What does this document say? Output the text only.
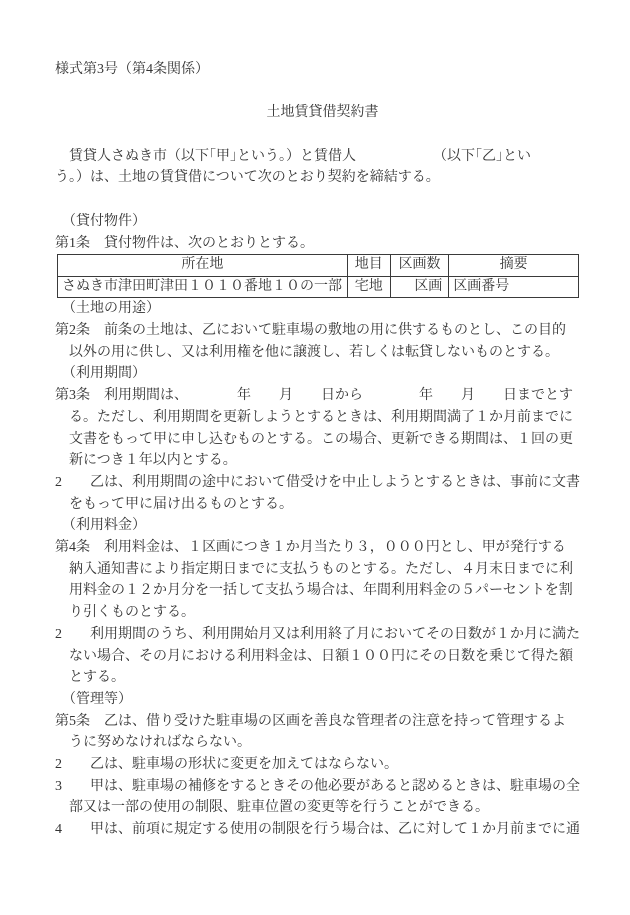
様式第3号（第4条関係）
土地賃貸借契約書
　賃貸人さぬき市（以下｢甲｣という。）と賃借人　　　　　　（以下｢乙｣とい
う。）は、土地の賃貸借について次のとおり契約を締結する。
　（貸付物件）
第1条　貸付物件は、次のとおりとする。
所在地	地目	区画数	摘要
さぬき市津田町津田１０１０番地１０の一部	宅地	区画	区画番号
　（土地の用途）
第2条　前条の土地は、乙において駐車場の敷地の用に供するものとし、この目的
　以外の用に供し、又は利用権を他に譲渡し、若しくは転貸しないものとする。
　（利用期間）
第3条　利用期間は、　　　　年　　月　　日から　　　　年　　月　　日までとす
　る。ただし、利用期間を更新しようとするときは、利用期間満了１か月前までに
　文書をもって甲に申し込むものとする。この場合、更新できる期間は、１回の更
　新につき１年以内とする。
2　　乙は、利用期間の途中において借受けを中止しようとするときは、事前に文書
　をもって甲に届け出るものとする。
　（利用料金）
第4条　利用料金は、１区画につき１か月当たり３，０００円とし、甲が発行する
　納入通知書により指定期日までに支払うものとする。ただし、４月末日までに利
　用料金の１２か月分を一括して支払う場合は、年間利用料金の５パーセントを割
　り引くものとする。
2　　利用期間のうち、利用開始月又は利用終了月においてその日数が１か月に満た
　ない場合、その月における利用料金は、日額１００円にその日数を乗じて得た額
　とする。
　（管理等）
第5条　乙は、借り受けた駐車場の区画を善良な管理者の注意を持って管理するよ
　うに努めなければならない。
2　　乙は、駐車場の形状に変更を加えてはならない。
3　　甲は、駐車場の補修をするときその他必要があると認めるときは、駐車場の全
　部又は一部の使用の制限、駐車位置の変更等を行うことができる。
4　　甲は、前項に規定する使用の制限を行う場合は、乙に対して１か月前までに通
